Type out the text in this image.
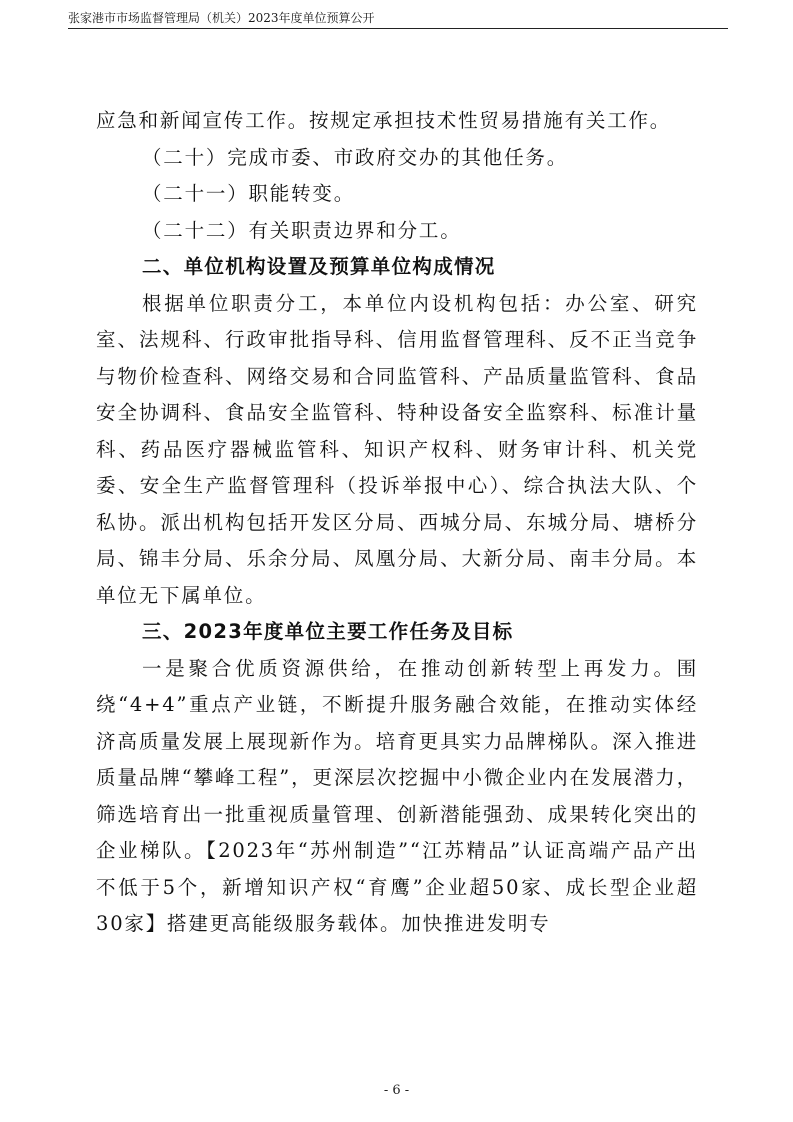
张家港市市场监督管理局（机关）2023年度单位预算公开

应急和新闻宣传工作。按规定承担技术性贸易措施有关工作。

（二十）完成市委、市政府交办的其他任务。

（二十一）职能转变。

（二十二）有关职责边界和分工。

二、单位机构设置及预算单位构成情况

根据单位职责分工，本单位内设机构包括：办公室、研究室、法规科、行政审批指导科、信用监督管理科、反不正当竞争与物价检查科、网络交易和合同监管科、产品质量监管科、食品安全协调科、食品安全监管科、特种设备安全监察科、标准计量科、药品医疗器械监管科、知识产权科、财务审计科、机关党委、安全生产监督管理科（投诉举报中心）、综合执法大队、个私协。派出机构包括开发区分局、西城分局、东城分局、塘桥分局、锦丰分局、乐余分局、凤凰分局、大新分局、南丰分局。本单位无下属单位。

三、2023年度单位主要工作任务及目标

一是聚合优质资源供给，在推动创新转型上再发力。围绕“4+4”重点产业链，不断提升服务融合效能，在推动实体经济高质量发展上展现新作为。培育更具实力品牌梯队。深入推进质量品牌“攀峰工程”，更深层次挖掘中小微企业内在发展潜力，筛选培育出一批重视质量管理、创新潜能强劲、成果转化突出的企业梯队。【2023年“苏州制造”“江苏精品”认证高端产品产出不低于5个，新增知识产权“育鹰”企业超50家、成长型企业超30家】搭建更高能级服务载体。加快推进发明专

- 6 -
